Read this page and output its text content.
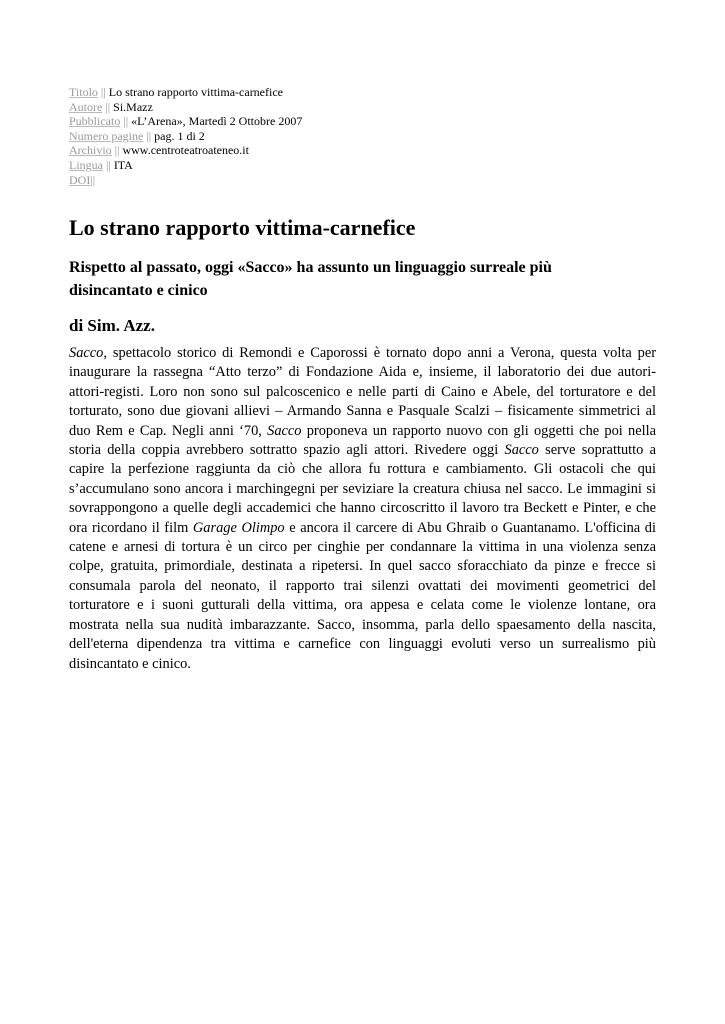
Titolo || Lo strano rapporto vittima-carnefice
Autore || Si.Mazz
Pubblicato || «L’Arena», Martedì 2 Ottobre 2007
Numero pagine || pag. 1 di 2
Archivio || www.centroteatroateneo.it
Lingua || ITA
DOI||
Lo strano rapporto vittima-carnefice
Rispetto al passato, oggi «Sacco» ha assunto un linguaggio surreale più disincantato e cinico
di Sim. Azz.
Sacco, spettacolo storico di Remondi e Caporossi è tornato dopo anni a Verona, questa volta per
inaugurare la rassegna “Atto terzo” di Fondazione Aida e, insieme, il laboratorio dei due autori-
attori-registi. Loro non sono sul palcoscenico e nelle parti di Caino e Abele, del torturatore e del
torturato, sono due giovani allievi – Armando Sanna e Pasquale Scalzi – fisicamente simmetrici al
duo Rem e Cap. Negli anni ‘70, Sacco proponeva un rapporto nuovo con gli oggetti che poi nella
storia della coppia avrebbero sottratto spazio agli attori. Rivedere oggi Sacco serve soprattutto a
capire la perfezione raggiunta da ciò che allora fu rottura e cambiamento. Gli ostacoli che qui
s’accumulano sono ancora i marchingegni per seviziare la creatura chiusa nel sacco. Le immagini si
sovrappongono a quelle degli accademici che hanno circoscritto il lavoro tra Beckett e Pinter, e che
ora ricordano il film Garage Olimpo e ancora il carcere di Abu Ghraib o Guantanamo. L'officina di
catene e arnesi di tortura è un circo per cinghie per condannare la vittima in una violenza senza
colpe, gratuita, primordiale, destinata a ripetersi. In quel sacco sforacchiato da pinze e frecce si
consumala parola del neonato, il rapporto trai silenzi ovattati dei movimenti geometrici del
torturatore e i suoni gutturali della vittima, ora appesa e celata come le violenze lontane, ora
mostrata nella sua nudità imbarazzante. Sacco, insomma, parla dello spaesamento della nascita,
dell'eterna dipendenza tra vittima e carnefice con linguaggi evoluti verso un surrealismo più
disincantato e cinico.
